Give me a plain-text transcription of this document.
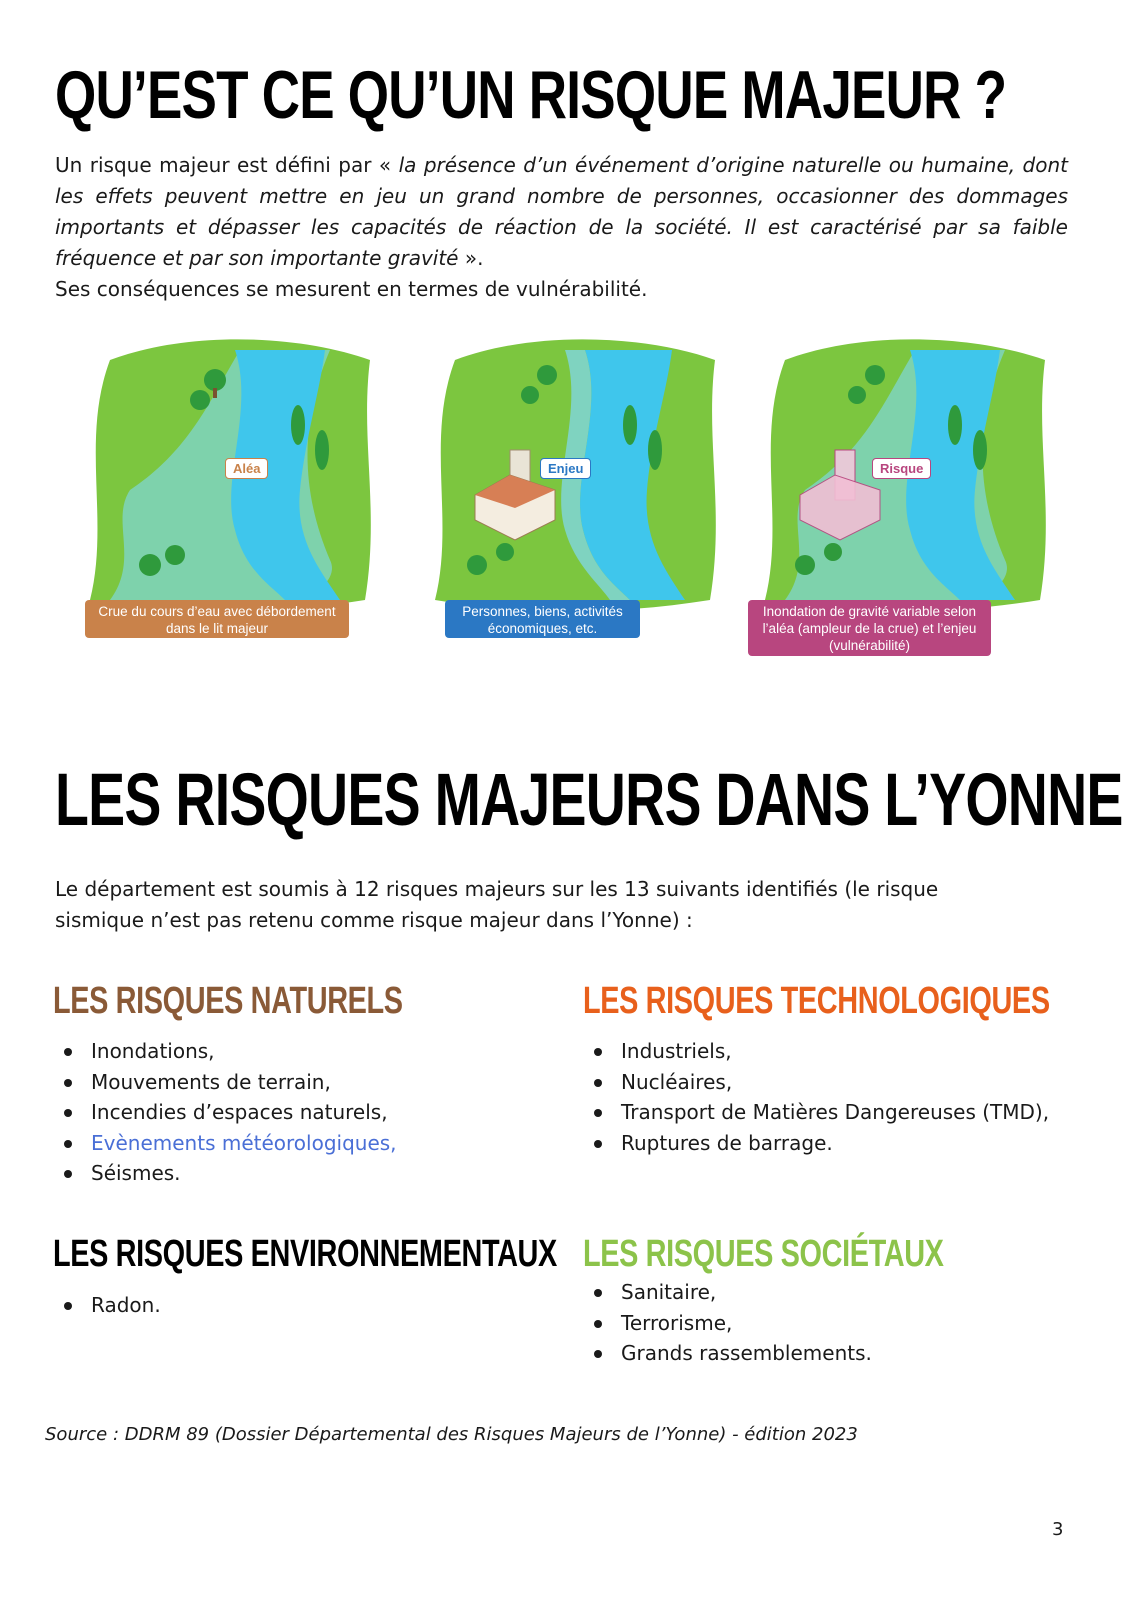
QU’EST CE QU’UN RISQUE MAJEUR ?

Un risque majeur est défini par « la présence d’un événement d’origine naturelle ou humaine, dont les effets peuvent mettre en jeu un grand nombre de personnes, occasionner des dommages importants et dépasser les capacités de réaction de la société. Il est caractérisé par sa faible fréquence et par son importante gravité ».

Ses conséquences se mesurent en termes de vulnérabilité.

Aléa	Enjeu	Risque
Crue du cours d’eau avec débordement dans le lit majeur
Personnes, biens, activités économiques, etc.
Inondation de gravité variable selon l’aléa (ampleur de la crue) et l’enjeu (vulnérabilité)
LES RISQUES MAJEURS DANS L’YONNE

Le département est soumis à 12 risques majeurs sur les 13 suivants identifiés (le risque sismique n’est pas retenu comme risque majeur dans l’Yonne) :

LES RISQUES NATURELS
Inondations,
Mouvements de terrain,
Incendies d’espaces naturels,
Evènements météorologiques,
Séismes.
LES RISQUES TECHNOLOGIQUES
Industriels,
Nucléaires,
Transport de Matières Dangereuses (TMD),
Ruptures de barrage.
LES RISQUES ENVIRONNEMENTAUX
Radon.
LES RISQUES SOCIÉTAUX
Sanitaire,
Terrorisme,
Grands rassemblements.

Source : DDRM 89 (Dossier Départemental des Risques Majeurs de l’Yonne) - édition 2023

3
